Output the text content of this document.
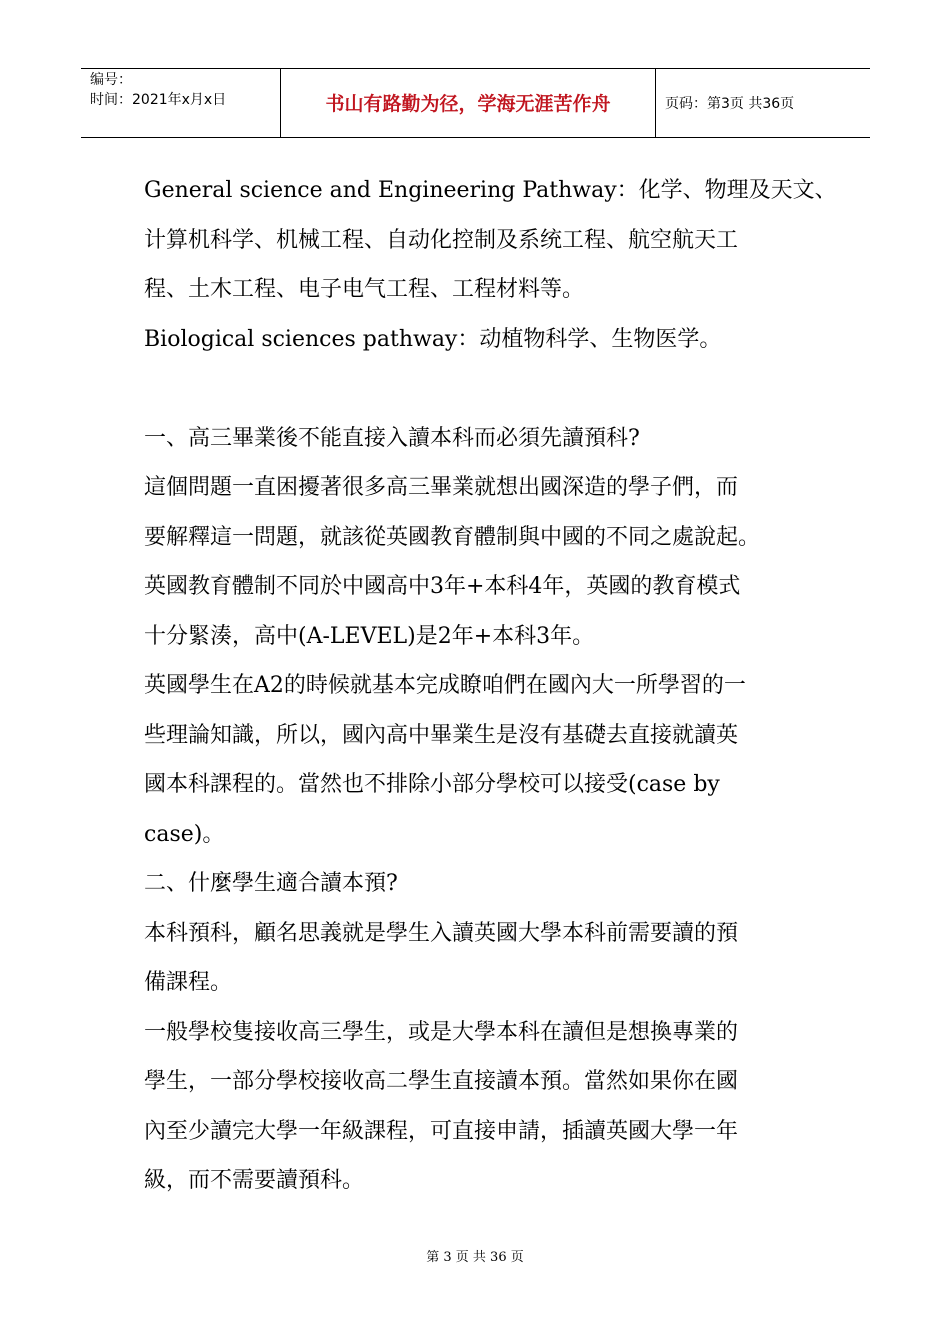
编号：
时间：2021年x月x日	书山有路勤为径，学海无涯苦作舟	页码：第3页 共36页

General science and Engineering Pathway：化学、物理及天文、

计算机科学、机械工程、自动化控制及系统工程、航空航天工

程、土木工程、电子电气工程、工程材料等。

Biological sciences pathway：动植物科学、生物医学。

一、高三畢業後不能直接入讀本科而必須先讀預科?

這個問題一直困擾著很多高三畢業就想出國深造的學子們，而

要解釋這一問題，就該從英國教育體制與中國的不同之處說起。

英國教育體制不同於中國高中3年+本科4年，英國的教育模式

十分緊湊，高中(A-LEVEL)是2年+本科3年。

英國學生在A2的時候就基本完成瞭咱們在國內大一所學習的一

些理論知識，所以，國內高中畢業生是沒有基礎去直接就讀英

國本科課程的。當然也不排除小部分學校可以接受(case by

case)。

二、什麼學生適合讀本預?

本科預科，顧名思義就是學生入讀英國大學本科前需要讀的預

備課程。

一般學校隻接收高三學生，或是大學本科在讀但是想換專業的

學生，一部分學校接收高二學生直接讀本預。當然如果你在國

內至少讀完大學一年級課程，可直接申請，插讀英國大學一年

級，而不需要讀預科。

第 3 页 共 36 页
